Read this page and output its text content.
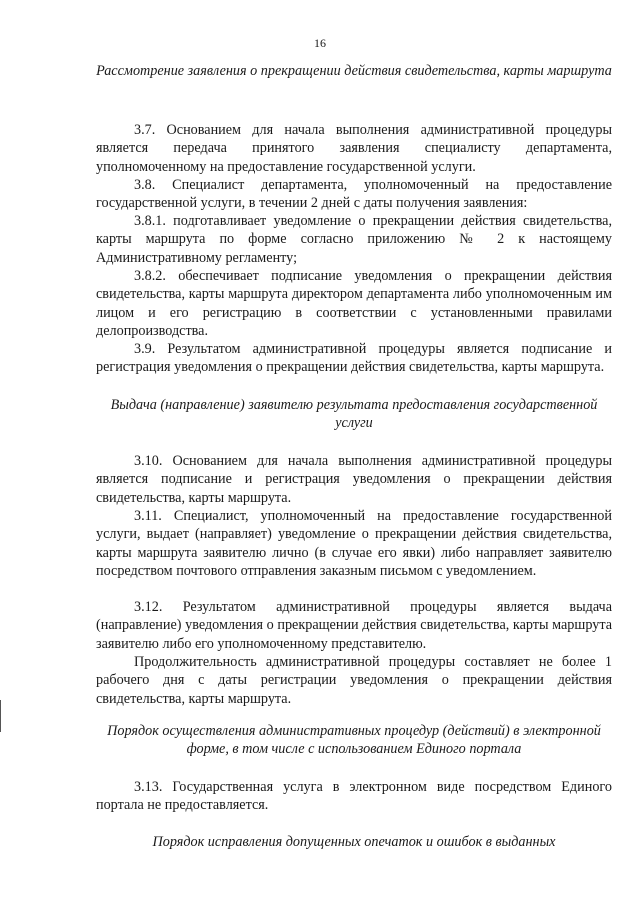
16
Рассмотрение заявления о прекращении действия свидетельства, карты маршрута
3.7. Основанием для начала выполнения административной процедуры является передача принятого заявления специалисту департамента, уполномоченному на предоставление государственной услуги.
3.8. Специалист департамента, уполномоченный на предоставление государственной услуги, в течении 2 дней с даты получения заявления:
3.8.1. подготавливает уведомление о прекращении действия свидетельства, карты маршрута по форме согласно приложению № 2 к настоящему Административному регламенту;
3.8.2. обеспечивает подписание уведомления о прекращении действия свидетельства, карты маршрута директором департамента либо уполномоченным им лицом и его регистрацию в соответствии с установленными правилами делопроизводства.
3.9. Результатом административной процедуры является подписание и регистрация уведомления о прекращении действия свидетельства, карты маршрута.
Выдача (направление) заявителю результата предоставления государственной услуги
3.10. Основанием для начала выполнения административной процедуры является подписание и регистрация уведомления о прекращении действия свидетельства, карты маршрута.
3.11. Специалист, уполномоченный на предоставление государственной услуги, выдает (направляет) уведомление о прекращении действия свидетельства, карты маршрута заявителю лично (в случае его явки) либо направляет заявителю посредством почтового отправления заказным письмом с уведомлением.
3.12. Результатом административной процедуры является выдача (направление) уведомления о прекращении действия свидетельства, карты маршрута заявителю либо его уполномоченному представителю.
Продолжительность административной процедуры составляет не более 1 рабочего дня с даты регистрации уведомления о прекращении действия свидетельства, карты маршрута.
Порядок осуществления административных процедур (действий) в электронной форме, в том числе с использованием Единого портала
3.13. Государственная услуга в электронном виде посредством Единого портала не предоставляется.
Порядок исправления допущенных опечаток и ошибок в выданных
